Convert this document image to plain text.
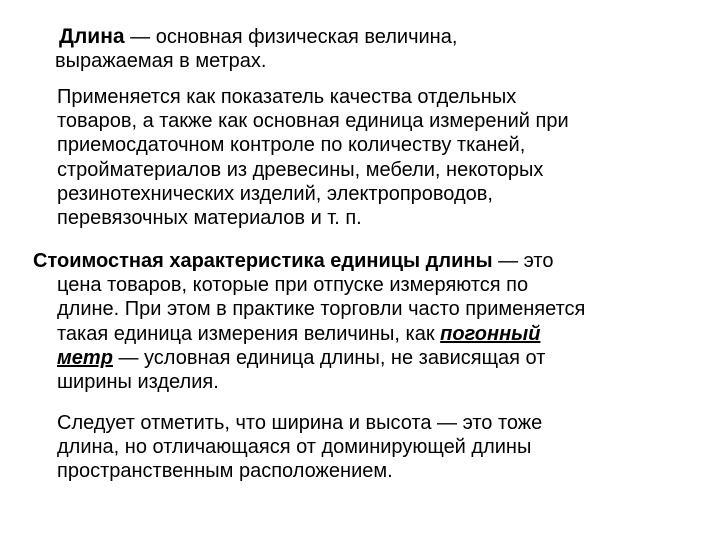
Длина — основная физическая величина,
выражаемая в метрах.

Применяется как показатель качества отдельных
товаров, а также как основная единица измерений при
приемосдаточном контроле по количеству тканей,
стройматериалов из древесины, мебели, некоторых
резинотехнических изделий, электропроводов,
перевязочных материалов и т. п.

Стоимостная характеристика единицы длины — это
цена товаров, которые при отпуске измеряются по
длине. При этом в практике торговли часто применяется
такая единица измерения величины, как погонный
метр — условная единица длины, не зависящая от
ширины изделия.

Следует отметить, что ширина и высота — это тоже
длина, но отличающаяся от доминирующей длины
пространственным расположением.
